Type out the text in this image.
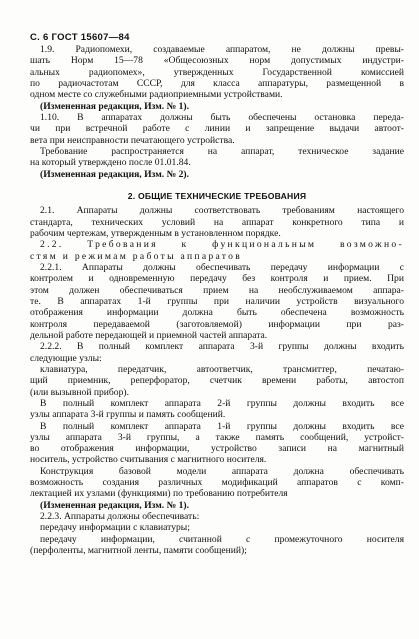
С. 6 ГОСТ 15607—84
1.9. Радиопомехи, создаваемые аппаратом, не должны превы-
шать Норм 15—78 «Общесоюзных норм допустимых индустри-
альных радиопомех», утвержденных Государственной комиссией
по радиочастотам СССР, для класса аппаратуры, размещенной в
одном месте со служебными радиоприемными устройствами.
(Измененная редакция, Изм. № 1).
1.10. В аппаратах должны быть обеспечены остановка переда-
чи при встречной работе с линии и запрещение выдачи автоот-
вета при неисправности печатающего устройства.
Требование распространяется на аппарат, техническое задание
на который утверждено после 01.01.84.
(Измененная редакция, Изм. № 2).
2. ОБЩИЕ ТЕХНИЧЕСКИЕ ТРЕБОВАНИЯ
2.1. Аппараты должны соответствовать требованиям настоящего
стандарта, технических условий на аппарат конкретного типа и
рабочим чертежам, утвержденным в установленном порядке.
2.2. Требования к функциональным возможно-
стям и режимам работы аппаратов
2.2.1. Аппараты должны обеспечивать передачу информации с
контролем и одновременную передачу без контроля и прием. При
этом должен обеспечиваться прием на необслуживаемом аппара-
те. В аппаратах 1-й группы при наличии устройств визуального
отображения информации должна быть обеспечена возможность
контроля передаваемой (заготовляемой) информации при раз-
дельной работе передающей и приемной частей аппарата.
2.2.2. В полный комплект аппарата 3-й группы должны входить
следующие узлы:
клавиатура, передатчик, автоответчик, трансмиттер, печатаю-
щий приемник, реперфоратор, счетчик времени работы, автостоп
(или вызывной прибор).
В полный комплект аппарата 2-й группы должны входить все
узлы аппарата 3-й группы и память сообщений.
В полный комплект аппарата 1-й группы должны входить все
узлы аппарата 3-й группы, а также память сообщений, устройст-
во отображения информации, устройство записи на магнитный
носитель, устройство считывания с магнитного носителя.
Конструкция базовой модели аппарата должна обеспечивать
возможность создания различных модификаций аппаратов с комп-
лектацией их узлами (функциями) по требованию потребителя
(Измененная редакция, Изм. № 1).
2.2.3. Аппараты должны обеспечивать:
передачу информации с клавиатуры;
передачу информации, считанной с промежуточного носителя
(перфоленты, магнитной ленты, памяти сообщений);
